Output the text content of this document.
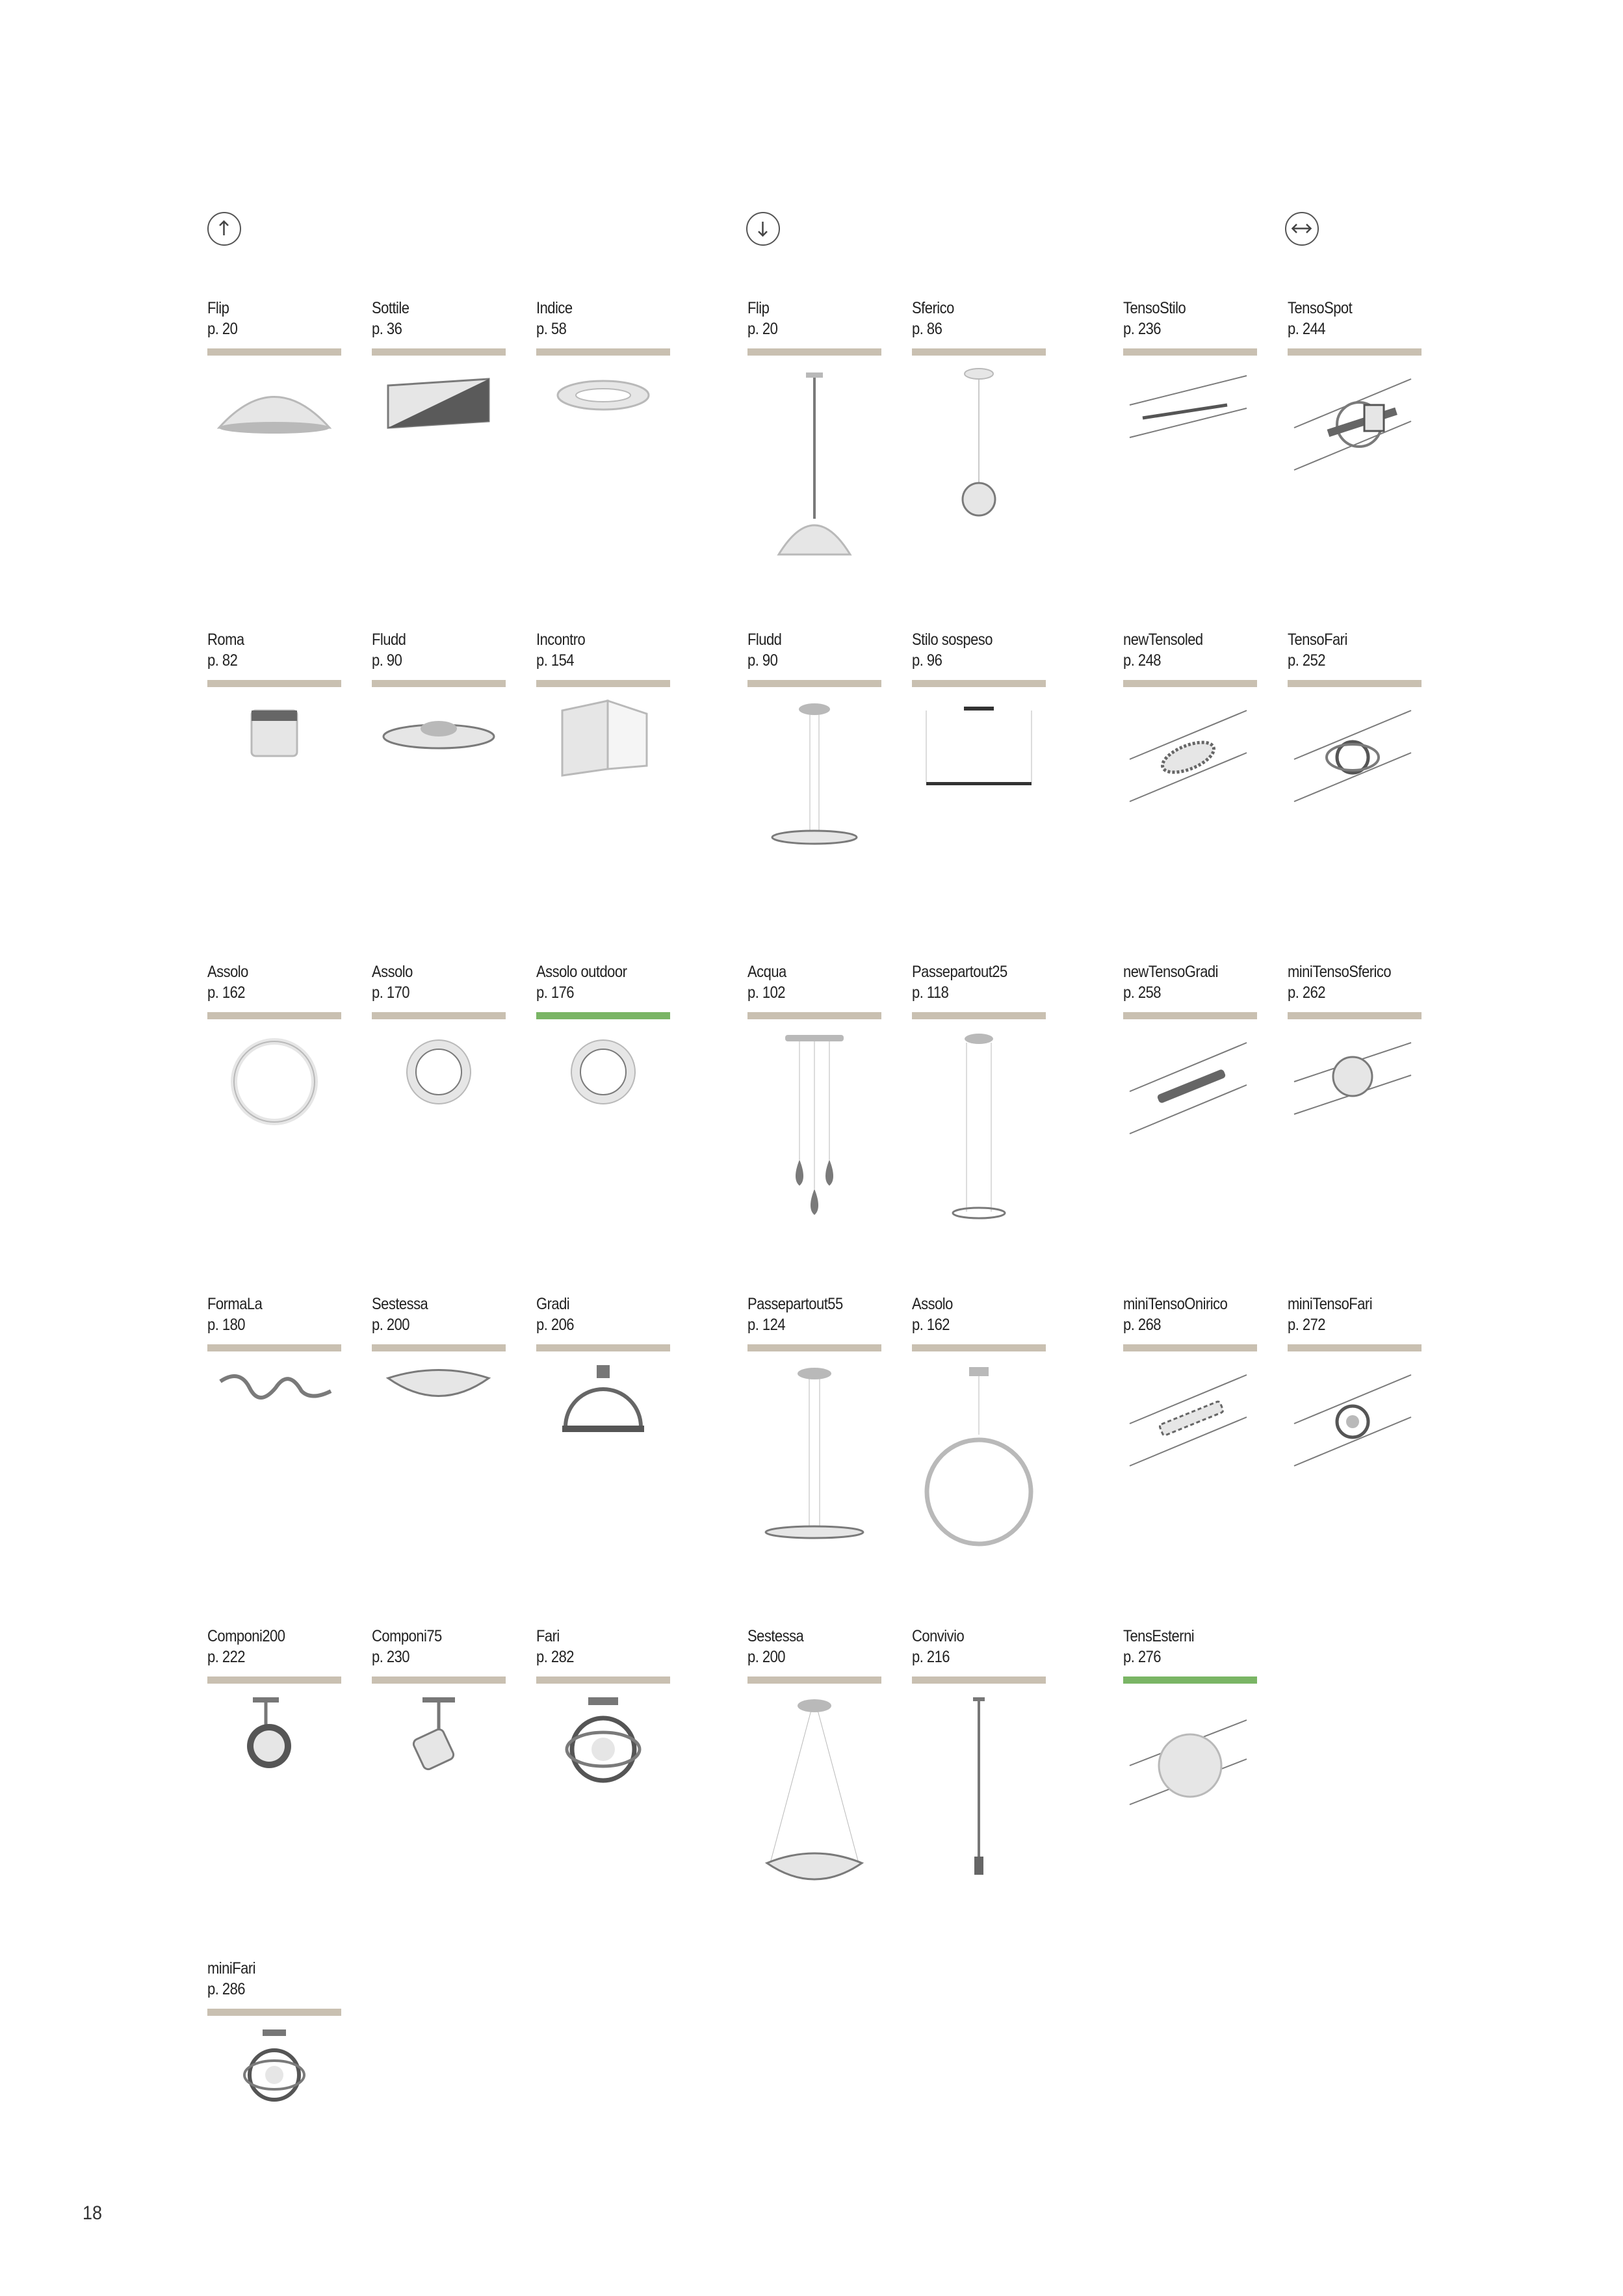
Flip
p. 20
Sottile
p. 36
Indice
p. 58
Flip
p. 20
Sferico
p. 86
TensoStilo
p. 236
TensoSpot
p. 244
Roma
p. 82
Fludd
p. 90
Incontro
p. 154
Fludd
p. 90
Stilo sospeso
p. 96
newTensoled
p. 248
TensoFari
p. 252
Assolo
p. 162
Assolo
p. 170
Assolo outdoor
p. 176
Acqua
p. 102
Passepartout25
p. 118
newTensoGradi
p. 258
miniTensoSferico
p. 262
FormaLa
p. 180
Sestessa
p. 200
Gradi
p. 206
Passepartout55
p. 124
Assolo
p. 162
miniTensoOnirico
p. 268
miniTensoFari
p. 272
Componi200
p. 222
Componi75
p. 230
Fari
p. 282
Sestessa
p. 200
Convivio
p. 216
TensEsterni
p. 276
miniFari
p. 286
18
